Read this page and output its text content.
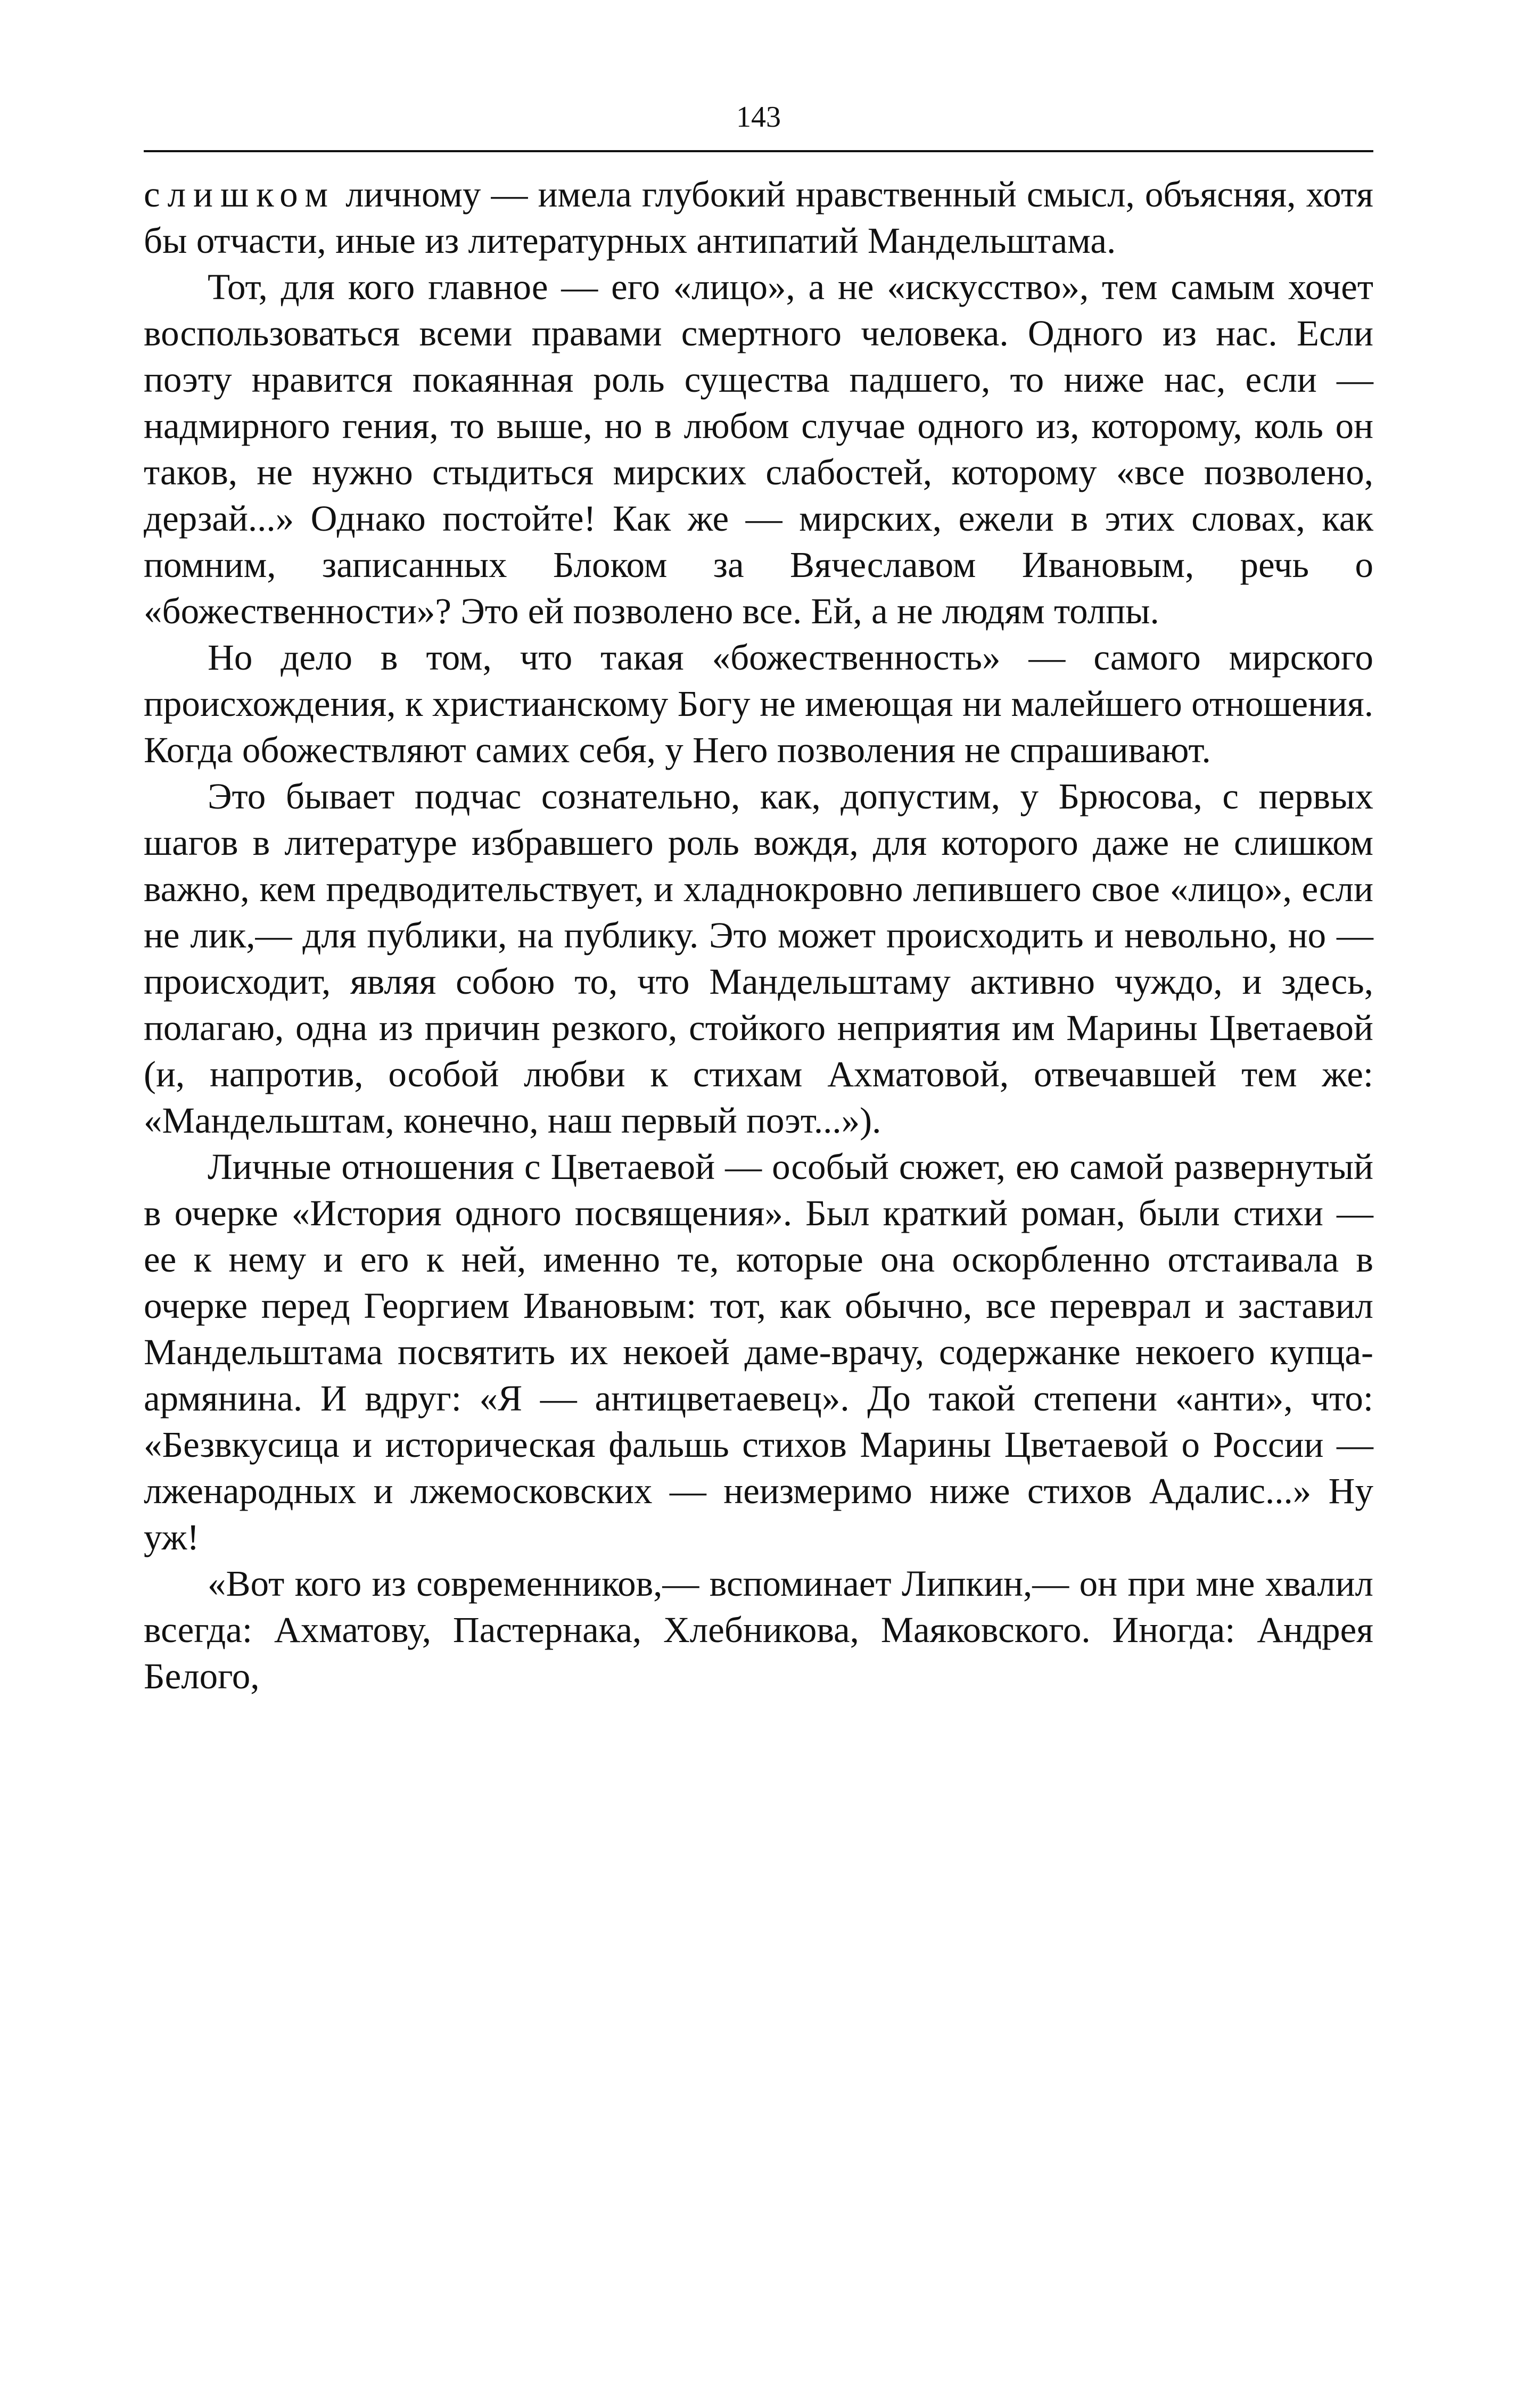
143

слишком личному — имела глубокий нравственный смысл, объясняя, хотя бы отчасти, иные из литературных антипатий Мандельштама.

Тот, для кого главное — его «лицо», а не «искусство», тем самым хочет воспользоваться всеми правами смертного человека. Одного из нас. Если поэту нравится покаянная роль существа падшего, то ниже нас, если — надмирного гения, то выше, но в любом случае одного из, которому, коль он таков, не нужно стыдиться мирских слабостей, которому «все позволено, дерзай...» Однако постойте! Как же — мирских, ежели в этих словах, как помним, записанных Блоком за Вячеславом Ивановым, речь о «божественности»? Это ей позволено все. Ей, а не людям толпы.

Но дело в том, что такая «божественность» — самого мирского происхождения, к христианскому Богу не имеющая ни малейшего отношения. Когда обожествляют самих себя, у Него позволения не спрашивают.

Это бывает подчас сознательно, как, допустим, у Брюсова, с первых шагов в литературе избравшего роль вождя, для которого даже не слишком важно, кем предводительствует, и хладнокровно лепившего свое «лицо», если не лик,— для публики, на публику. Это может происходить и невольно, но — происходит, являя собою то, что Мандельштаму активно чуждо, и здесь, полагаю, одна из причин резкого, стойкого неприятия им Марины Цветаевой (и, напротив, особой любви к стихам Ахматовой, отвечавшей тем же: «Мандельштам, конечно, наш первый поэт...»).

Личные отношения с Цветаевой — особый сюжет, ею самой развернутый в очерке «История одного посвящения». Был краткий роман, были стихи — ее к нему и его к ней, именно те, которые она оскорбленно отстаивала в очерке перед Георгием Ивановым: тот, как обычно, все переврал и заставил Мандельштама посвятить их некоей даме-врачу, содержанке некоего купца-армянина. И вдруг: «Я — антицветаевец». До такой степени «анти», что: «Безвкусица и историческая фальшь стихов Марины Цветаевой о России — лженародных и лжемосковских — неизмеримо ниже стихов Адалис...» Ну уж!

«Вот кого из современников,— вспоминает Липкин,— он при мне хвалил всегда: Ахматову, Пастернака, Хлебникова, Маяковского. Иногда: Андрея Белого,
